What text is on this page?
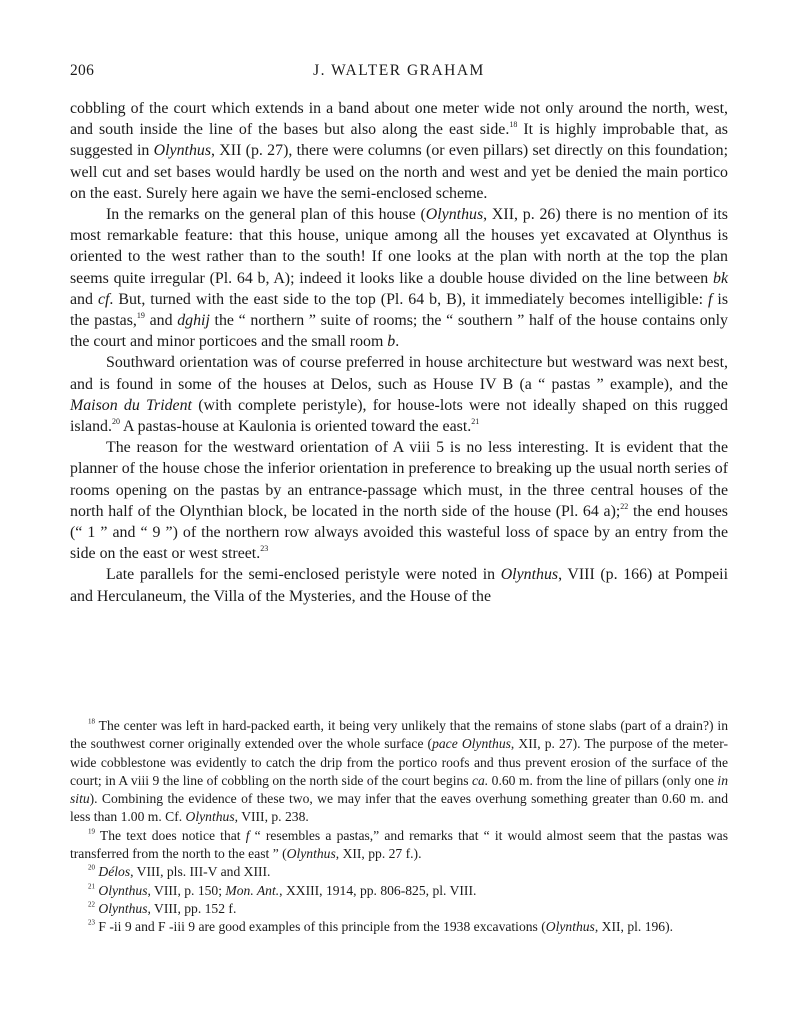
206	J. WALTER GRAHAM

cobbling of the court which extends in a band about one meter wide not only around the north, west, and south inside the line of the bases but also along the east side.$^{18}$ It is highly improbable that, as suggested in Olynthus, XII (p. 27), there were columns (or even pillars) set directly on this foundation; well cut and set bases would hardly be used on the north and west and yet be denied the main portico on the east. Surely here again we have the semi-enclosed scheme.

In the remarks on the general plan of this house (Olynthus, XII, p. 26) there is no mention of its most remarkable feature: that this house, unique among all the houses yet excavated at Olynthus is oriented to the west rather than to the south! If one looks at the plan with north at the top the plan seems quite irregular (Pl. 64 b, A); indeed it looks like a double house divided on the line between bk and cf. But, turned with the east side to the top (Pl. 64 b, B), it immediately becomes intelligible: f is the pastas,$^{19}$ and dghij the “ northern ” suite of rooms; the “ southern ” half of the house contains only the court and minor porticoes and the small room b.

Southward orientation was of course preferred in house architecture but westward was next best, and is found in some of the houses at Delos, such as House IV B (a “ pastas ” example), and the Maison du Trident (with complete peristyle), for house-lots were not ideally shaped on this rugged island.$^{20}$ A pastas-house at Kaulonia is oriented toward the east.$^{21}$

The reason for the westward orientation of A viii 5 is no less interesting. It is evident that the planner of the house chose the inferior orientation in preference to breaking up the usual north series of rooms opening on the pastas by an entrance-passage which must, in the three central houses of the north half of the Olynthian block, be located in the north side of the house (Pl. 64 a);$^{22}$ the end houses (“ 1 ” and “ 9 ”) of the northern row always avoided this wasteful loss of space by an entry from the side on the east or west street.$^{23}$

Late parallels for the semi-enclosed peristyle were noted in Olynthus, VIII (p. 166) at Pompeii and Herculaneum, the Villa of the Mysteries, and the House of the

$^{18}$ The center was left in hard-packed earth, it being very unlikely that the remains of stone slabs (part of a drain?) in the southwest corner originally extended over the whole surface (pace Olynthus, XII, p. 27). The purpose of the meter-wide cobblestone was evidently to catch the drip from the portico roofs and thus prevent erosion of the surface of the court; in A viii 9 the line of cobbling on the north side of the court begins ca. 0.60 m. from the line of pillars (only one in situ). Combining the evidence of these two, we may infer that the eaves overhung something greater than 0.60 m. and less than 1.00 m. Cf. Olynthus, VIII, p. 238.

$^{19}$ The text does notice that f “ resembles a pastas,” and remarks that “ it would almost seem that the pastas was transferred from the north to the east ” (Olynthus, XII, pp. 27 f.).

$^{20}$ Délos, VIII, pls. III-V and XIII.

$^{21}$ Olynthus, VIII, p. 150; Mon. Ant., XXIII, 1914, pp. 806-825, pl. VIII.

$^{22}$ Olynthus, VIII, pp. 152 f.

$^{23}$ F -ii 9 and F -iii 9 are good examples of this principle from the 1938 excavations (Olynthus, XII, pl. 196).
